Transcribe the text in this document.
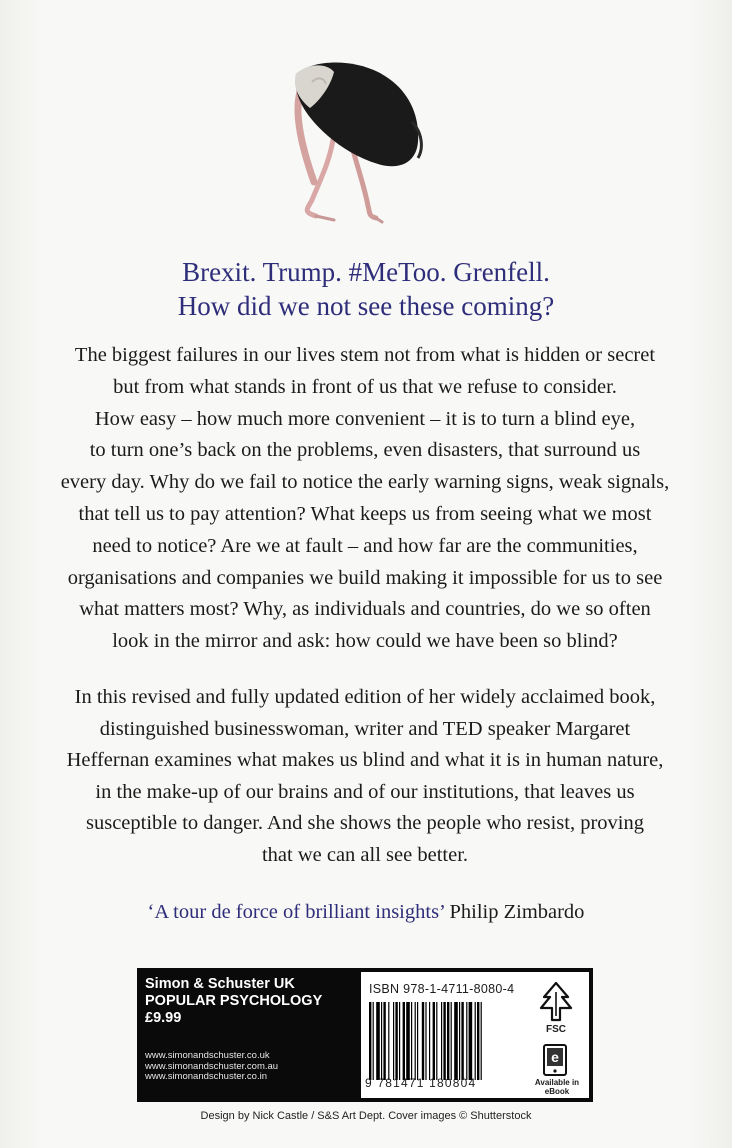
Brexit. Trump. #MeToo. Grenfell.
How did we not see these coming?
The biggest failures in our lives stem not from what is hidden or secret
but from what stands in front of us that we refuse to consider.
How easy – how much more convenient – it is to turn a blind eye,
to turn one’s back on the problems, even disasters, that surround us
every day. Why do we fail to notice the early warning signs, weak signals,
that tell us to pay attention? What keeps us from seeing what we most
need to notice? Are we at fault – and how far are the communities,
organisations and companies we build making it impossible for us to see
what matters most? Why, as individuals and countries, do we so often
look in the mirror and ask: how could we have been so blind?
In this revised and fully updated edition of her widely acclaimed book,
distinguished businesswoman, writer and TED speaker Margaret
Heffernan examines what makes us blind and what it is in human nature,
in the make-up of our brains and of our institutions, that leaves us
susceptible to danger. And she shows the people who resist, proving
that we can all see better.
‘A tour de force of brilliant insights’ Philip Zimbardo
Simon & Schuster UK
POPULAR PSYCHOLOGY
£9.99
www.simonandschuster.co.uk
www.simonandschuster.com.au
www.simonandschuster.co.in
ISBN 978-1-4711-8080-4
9 781471 180804
FSC
e
Available in
eBook
Design by Nick Castle / S&S Art Dept. Cover images © Shutterstock
